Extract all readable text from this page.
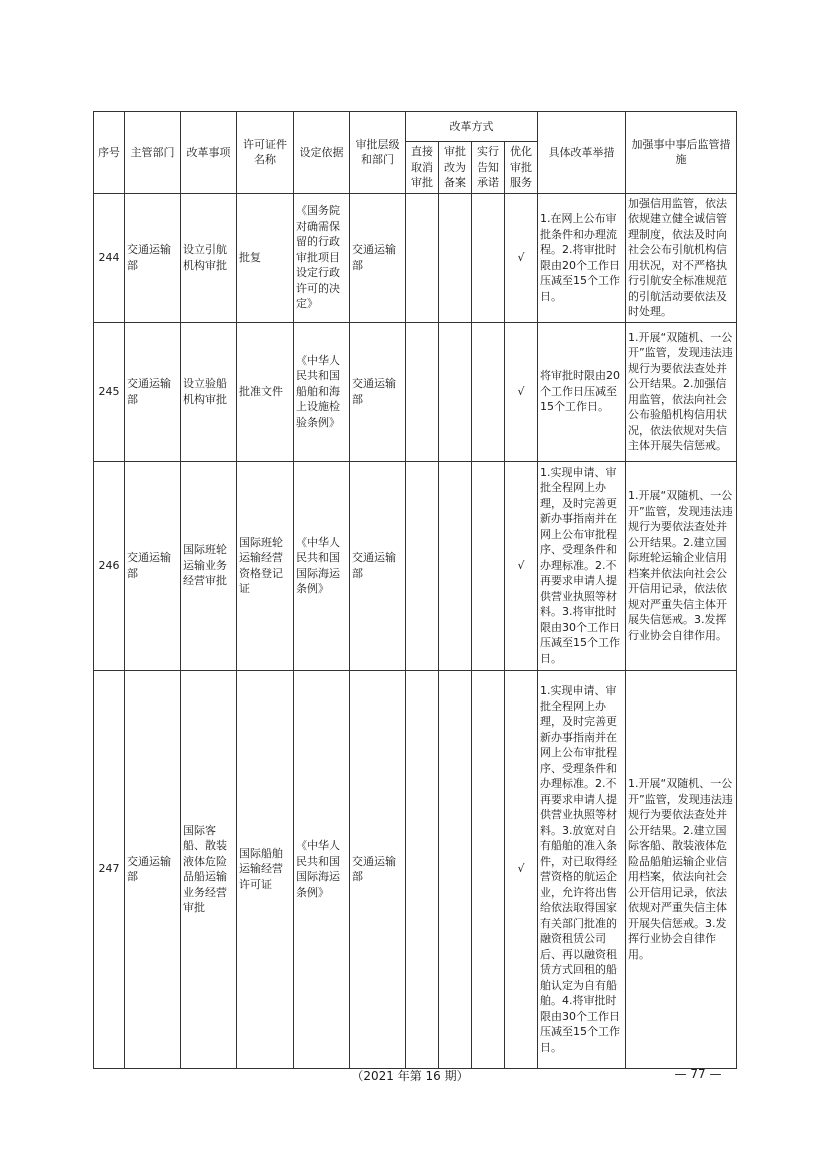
序号	主管部门	改革事项	许可证件名称	设定依据	审批层级和部门	改革方式				具体改革举措	加强事中事后监管措施
						直接取消审批	审批改为备案	实行告知承诺	优化审批服务		
244	交通运输部	设立引航机构审批	批复	《国务院对确需保留的行政审批项目设定行政许可的决定》	交通运输部				√	1.在网上公布审批条件和办理流程。2.将审批时限由20个工作日压减至15个工作日。	加强信用监管，依法依规建立健全诚信管理制度，依法及时向社会公布引航机构信用状况，对不严格执行引航安全标准规范的引航活动要依法及时处理。
245	交通运输部	设立验船机构审批	批准文件	《中华人民共和国船舶和海上设施检验条例》	交通运输部				√	将审批时限由20个工作日压减至15个工作日。	1.开展“双随机、一公开”监管，发现违法违规行为要依法查处并公开结果。2.加强信用监管，依法向社会公布验船机构信用状况，依法依规对失信主体开展失信惩戒。
246	交通运输部	国际班轮运输业务经营审批	国际班轮运输经营资格登记证	《中华人民共和国国际海运条例》	交通运输部				√	1.实现申请、审批全程网上办理，及时完善更新办事指南并在网上公布审批程序、受理条件和办理标准。2.不再要求申请人提供营业执照等材料。3.将审批时限由30个工作日压减至15个工作日。	1.开展“双随机、一公开”监管，发现违法违规行为要依法查处并公开结果。2.建立国际班轮运输企业信用档案并依法向社会公开信用记录，依法依规对严重失信主体开展失信惩戒。3.发挥行业协会自律作用。
247	交通运输部	国际客船、散装液体危险品船运输业务经营审批	国际船舶运输经营许可证	《中华人民共和国国际海运条例》	交通运输部				√	1.实现申请、审批全程网上办理，及时完善更新办事指南并在网上公布审批程序、受理条件和办理标准。2.不再要求申请人提供营业执照等材料。3.放宽对自有船舶的准入条件，对已取得经营资格的航运企业，允许将出售给依法取得国家有关部门批准的融资租赁公司后、再以融资租赁方式回租的船舶认定为自有船舶。4.将审批时限由30个工作日压减至15个工作日。	1.开展“双随机、一公开”监管，发现违法违规行为要依法查处并公开结果。2.建立国际客船、散装液体危险品船舶运输企业信用档案，依法向社会公开信用记录，依法依规对严重失信主体开展失信惩戒。3.发挥行业协会自律作用。
（2021 年第 16 期）	— 77 —
